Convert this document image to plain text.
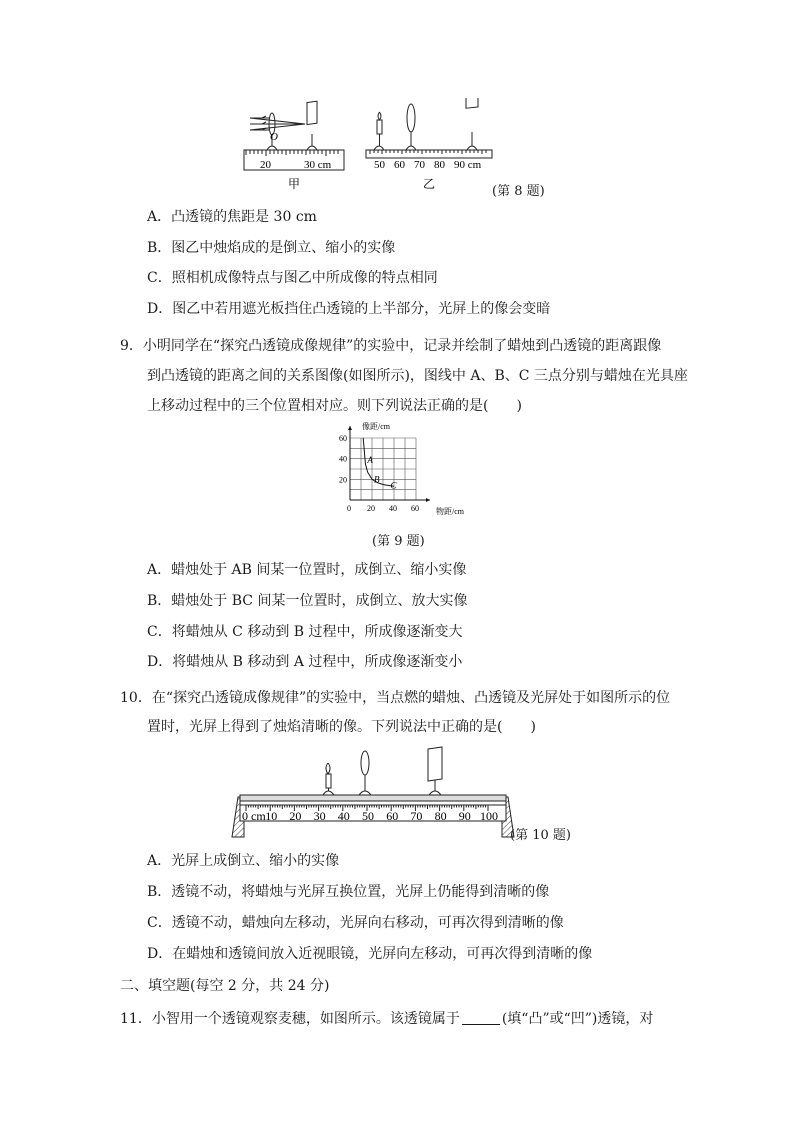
O
20	30 cm
甲
50 60 70 80 90 cm
乙	(第 8 题)
A．凸透镜的焦距是 30 cm
B．图乙中烛焰成的是倒立、缩小的实像
C．照相机成像特点与图乙中所成像的特点相同
D．图乙中若用遮光板挡住凸透镜的上半部分，光屏上的像会变暗
9．小明同学在“探究凸透镜成像规律”的实验中，记录并绘制了蜡烛到凸透镜的距离跟像
到凸透镜的距离之间的关系图像(如图所示)，图线中 A、B、C 三点分别与蜡烛在光具座
上移动过程中的三个位置相对应。则下列说法正确的是(　　)
0 20 40 60
20
40
60
A
B
C
像距/cm
物距/cm
(第 9 题)
A．蜡烛处于 AB 间某一位置时，成倒立、缩小实像
B．蜡烛处于 BC 间某一位置时，成倒立、放大实像
C．将蜡烛从 C 移动到 B 过程中，所成像逐渐变大
D．将蜡烛从 B 移动到 A 过程中，所成像逐渐变小
10．在“探究凸透镜成像规律”的实验中，当点燃的蜡烛、凸透镜及光屏处于如图所示的位
置时，光屏上得到了烛焰清晰的像。下列说法中正确的是(　　)
0 cm 10 20 30 40 50 60 70 80 90 100
(第 10 题)
A．光屏上成倒立、缩小的实像
B．透镜不动，将蜡烛与光屏互换位置，光屏上仍能得到清晰的像
C．透镜不动，蜡烛向左移动，光屏向右移动，可再次得到清晰的像
D．在蜡烛和透镜间放入近视眼镜，光屏向左移动，可再次得到清晰的像
二、填空题(每空 2 分，共 24 分)
11．小智用一个透镜观察麦穗，如图所示。该透镜属于	(填“凸”或“凹”)透镜，对
